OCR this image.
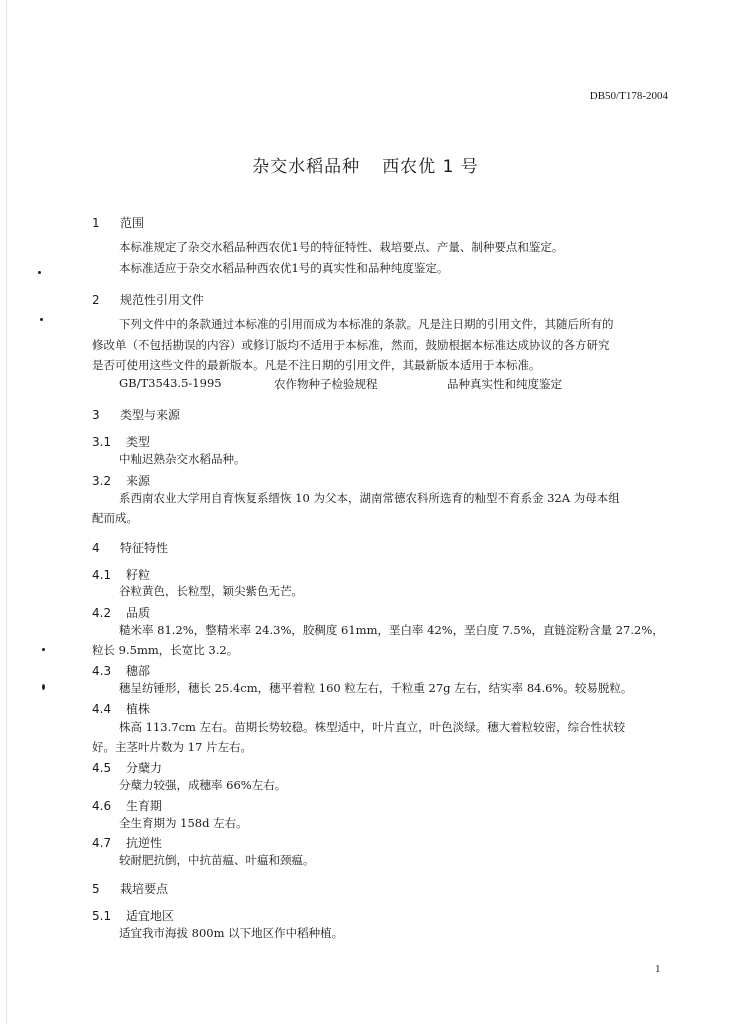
DB50/T178-2004
杂交水稻品种 西农优 1 号
1 范围
本标准规定了杂交水稻品种西农优1号的特征特性、栽培要点、产量、制种要点和鉴定。
本标准适应于杂交水稻品种西农优1号的真实性和品种纯度鉴定。
2 规范性引用文件
下列文件中的条款通过本标准的引用而成为本标准的条款。凡是注日期的引用文件，其随后所有的
修改单（不包括勘误的内容）或修订版均不适用于本标准，然而，鼓励根据本标准达成协议的各方研究
是否可使用这些文件的最新版本。凡是不注日期的引用文件，其最新版本适用于本标准。
GB/T3543.5-1995	农作物种子检验规程	品种真实性和纯度鉴定
3 类型与来源
3.1 类型
中籼迟熟杂交水稻品种。
3.2 来源
系西南农业大学用自育恢复系缙恢 10 为父本，湖南常德农科所选育的籼型不育系金 32A 为母本组
配而成。
4 特征特性
4.1 籽粒
谷粒黄色，长粒型，颖尖紫色无芒。
4.2 品质
糙米率 81.2%，整精米率 24.3%，胶稠度 61mm，垩白率 42%，垩白度 7.5%，直链淀粉含量 27.2%，
粒长 9.5mm，长宽比 3.2。
4.3 穗部
穗呈纺锤形，穗长 25.4cm，穗平着粒 160 粒左右，千粒重 27g 左右，结实率 84.6%。较易脱粒。
4.4 植株
株高 113.7cm 左右。苗期长势较稳。株型适中，叶片直立，叶色淡绿。穗大着粒较密，综合性状较
好。主茎叶片数为 17 片左右。
4.5 分蘖力
分蘖力较强，成穗率 66%左右。
4.6 生育期
全生育期为 158d 左右。
4.7 抗逆性
较耐肥抗倒，中抗苗瘟、叶瘟和颈瘟。
5 栽培要点
5.1 适宜地区
适宜我市海拔 800m 以下地区作中稻种植。
1
